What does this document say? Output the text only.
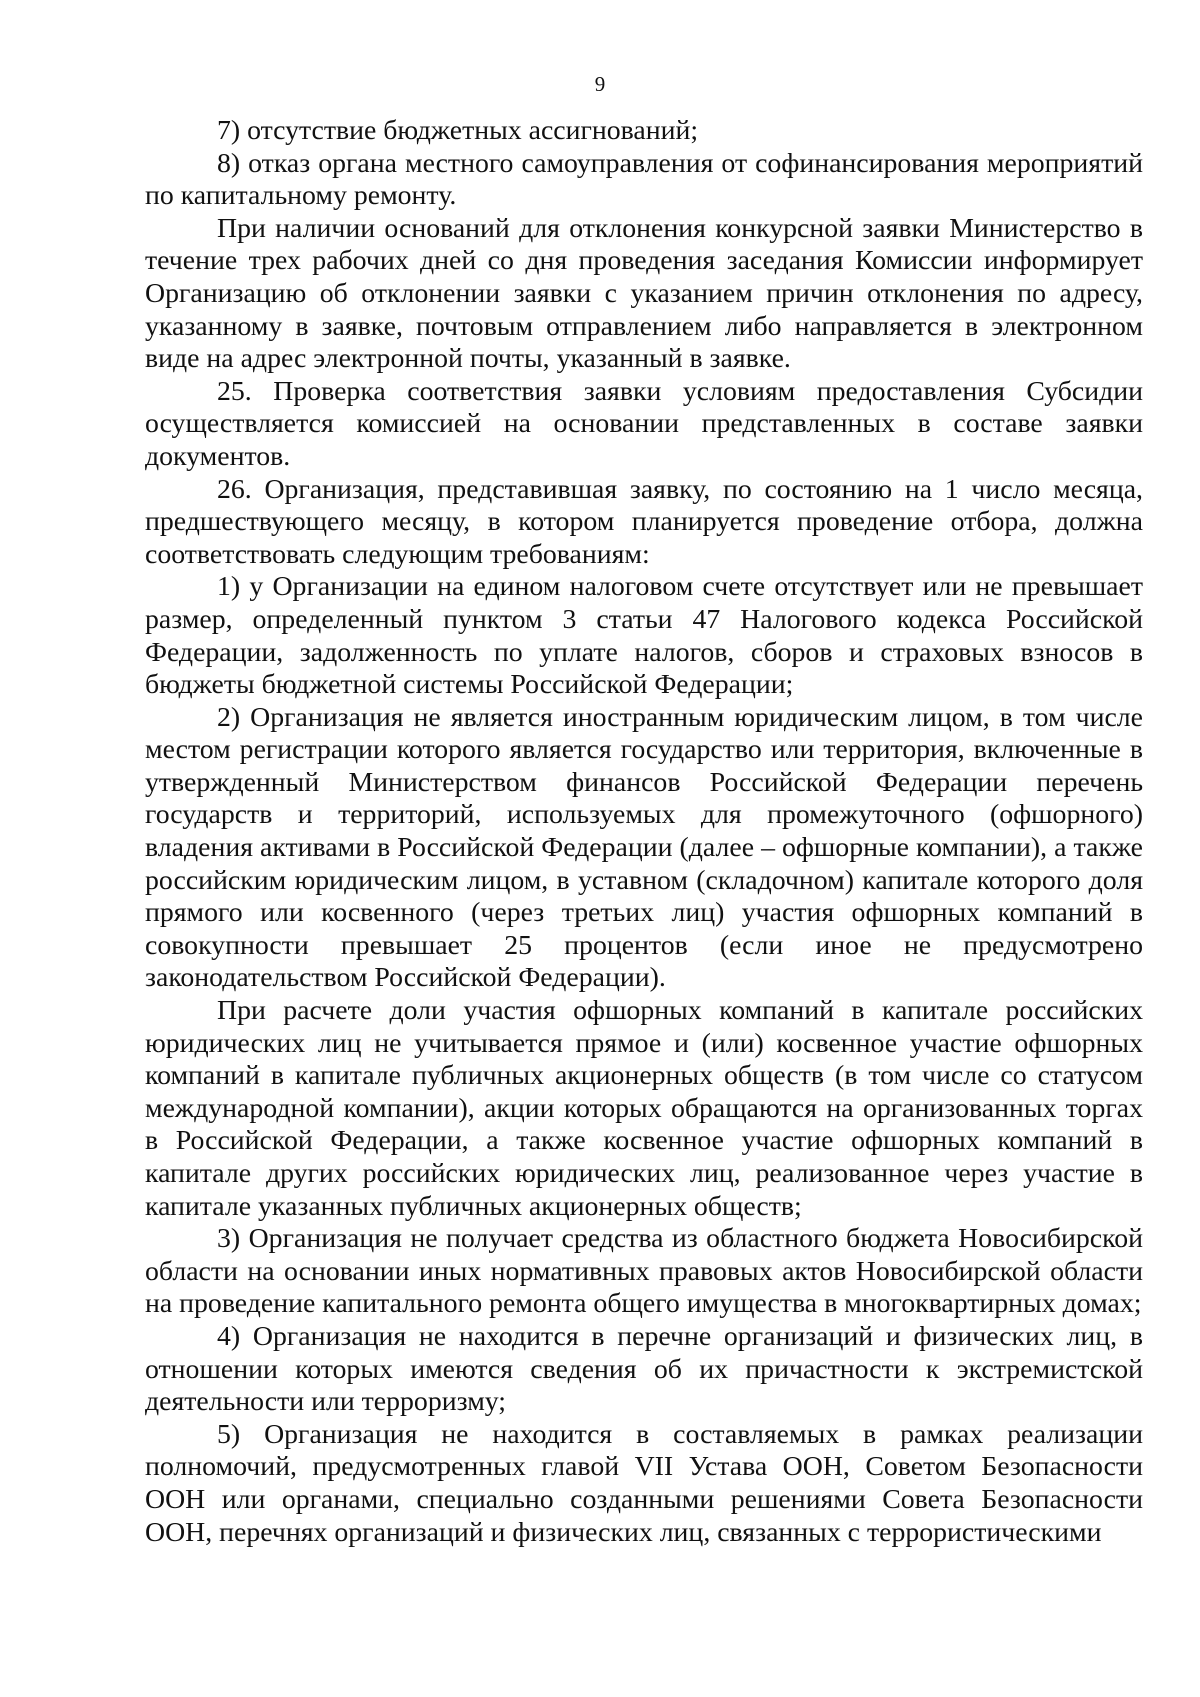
9

7) отсутствие бюджетных ассигнований;

8) отказ органа местного самоуправления от софинансирования мероприятий по капитальному ремонту.

При наличии оснований для отклонения конкурсной заявки Министерство в течение трех рабочих дней со дня проведения заседания Комиссии информирует Организацию об отклонении заявки с указанием причин отклонения по адресу, указанному в заявке, почтовым отправлением либо направляется в электронном виде на адрес электронной почты, указанный в заявке.

25. Проверка соответствия заявки условиям предоставления Субсидии осуществляется комиссией на основании представленных в составе заявки документов.

26. Организация, представившая заявку, по состоянию на 1 число месяца, предшествующего месяцу, в котором планируется проведение отбора, должна соответствовать следующим требованиям:

1) у Организации на едином налоговом счете отсутствует или не превышает размер, определенный пунктом 3 статьи 47 Налогового кодекса Российской Федерации, задолженность по уплате налогов, сборов и страховых взносов в бюджеты бюджетной системы Российской Федерации;

2) Организация не является иностранным юридическим лицом, в том числе местом регистрации которого является государство или территория, включенные в утвержденный Министерством финансов Российской Федерации перечень государств и территорий, используемых для промежуточного (офшорного) владения активами в Российской Федерации (далее – офшорные компании), а также российским юридическим лицом, в уставном (складочном) капитале которого доля прямого или косвенного (через третьих лиц) участия офшорных компаний в совокупности превышает 25 процентов (если иное не предусмотрено законодательством Российской Федерации).

При расчете доли участия офшорных компаний в капитале российских юридических лиц не учитывается прямое и (или) косвенное участие офшорных компаний в капитале публичных акционерных обществ (в том числе со статусом международной компании), акции которых обращаются на организованных торгах в Российской Федерации, а также косвенное участие офшорных компаний в капитале других российских юридических лиц, реализованное через участие в капитале указанных публичных акционерных обществ;

3) Организация не получает средства из областного бюджета Новосибирской области на основании иных нормативных правовых актов Новосибирской области на проведение капитального ремонта общего имущества в многоквартирных домах;

4) Организация не находится в перечне организаций и физических лиц, в отношении которых имеются сведения об их причастности к экстремистской деятельности или терроризму;

5) Организация не находится в составляемых в рамках реализации полномочий, предусмотренных главой VII Устава ООН, Советом Безопасности ООН или органами, специально созданными решениями Совета Безопасности ООН, перечнях организаций и физических лиц, связанных с террористическими
